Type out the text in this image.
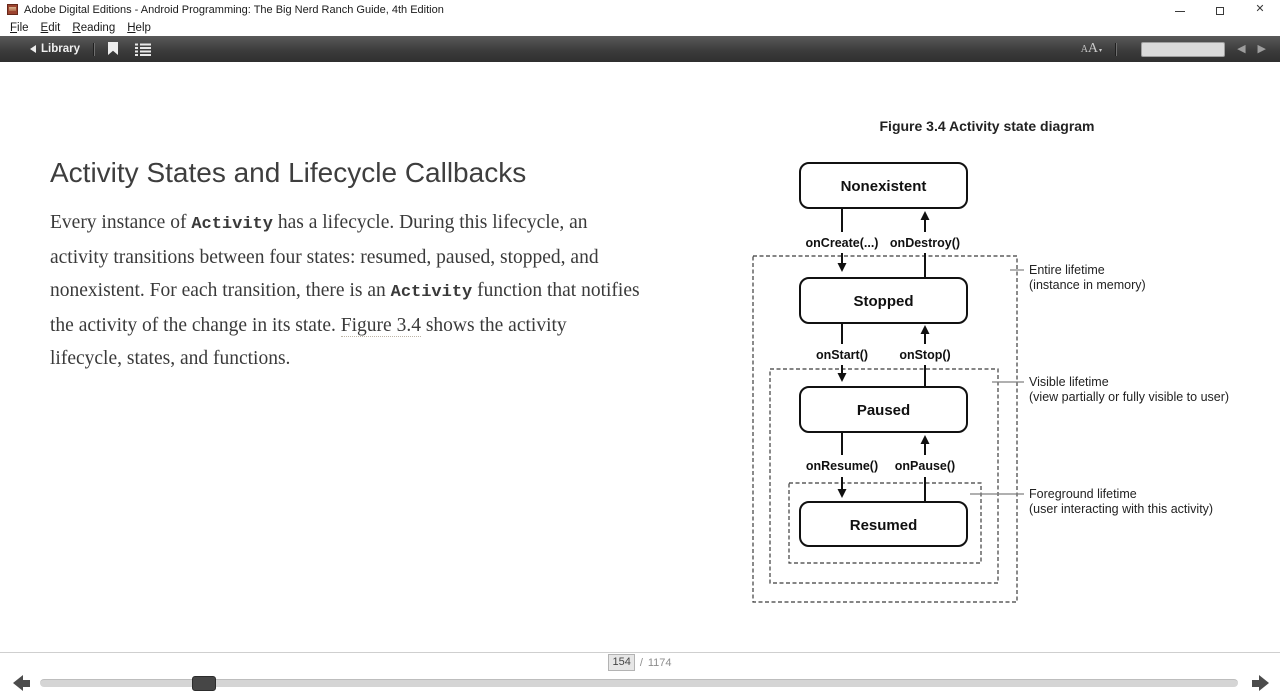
Adobe Digital Editions - Android Programming: The Big Nerd Ranch Guide, 4th Edition	✕
File	Edit	Reading	Help
Library	A A ▾	◀ ▶
Activity States and Lifecycle Callbacks

Every instance of Activity has a lifecycle. During this lifecycle, an activity transitions between four states: resumed, paused, stopped, and nonexistent. For each transition, there is an Activity function that notifies the activity of the change in its state. Figure 3.4 shows the activity lifecycle, states, and functions.

Figure 3.4 Activity state diagram
Nonexistent
Stopped
Paused
Resumed
onCreate(...) onDestroy()
onStart()	onStop()
onResume() onPause()
Entire lifetime
(instance in memory)
Visible lifetime
(view partially or fully visible to user)
Foreground lifetime
(user interacting with this activity)
154 / 1174
